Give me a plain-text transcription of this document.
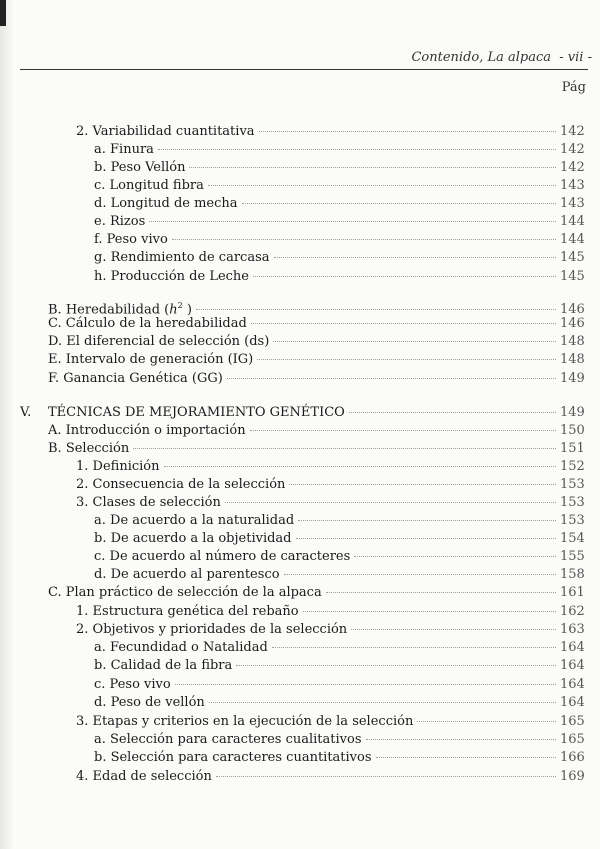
Contenido, La alpaca - vii -
Pág
2. Variabilidad cuantitativa	142
a. Finura	142
b. Peso Vellón	142
c. Longitud fibra	143
d. Longitud de mecha	143
e. Rizos	144
f. Peso vivo	144
g. Rendimiento de carcasa	145
h. Producción de Leche	145
B. Heredabilidad ($h^2$ )	146
C. Cálculo de la heredabilidad	146
D. El diferencial de selección (ds)	148
E. Intervalo de generación (IG)	148
F. Ganancia Genética (GG)	149
V. TÉCNICAS DE MEJORAMIENTO GENÉTICO	149
A. Introducción o importación	150
B. Selección	151
1. Definición	152
2. Consecuencia de la selección	153
3. Clases de selección	153
a. De acuerdo a la naturalidad	153
b. De acuerdo a la objetividad	154
c. De acuerdo al número de caracteres	155
d. De acuerdo al parentesco	158
C. Plan práctico de selección de la alpaca	161
1. Estructura genética del rebaño	162
2. Objetivos y prioridades de la selección	163
a. Fecundidad o Natalidad	164
b. Calidad de la fibra	164
c. Peso vivo	164
d. Peso de vellón	164
3. Etapas y criterios en la ejecución de la selección	165
a. Selección para caracteres cualitativos	165
b. Selección para caracteres cuantitativos	166
4. Edad de selección	169
